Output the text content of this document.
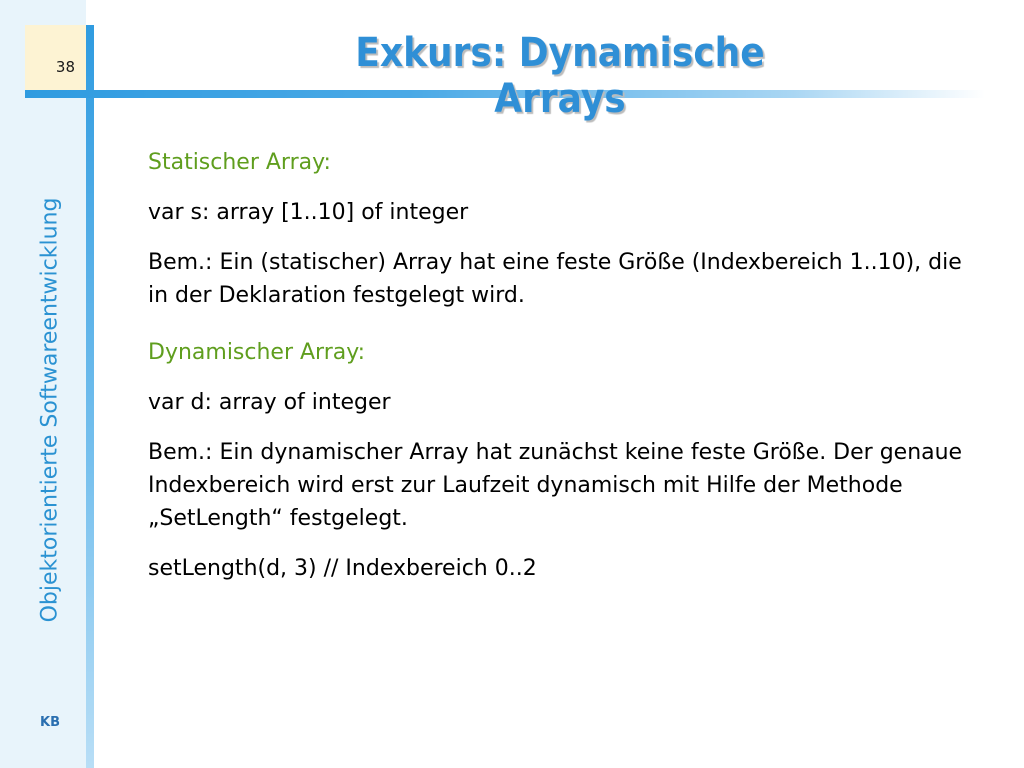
38
Objektorientierte Softwareentwicklung
KB
Exkurs: Dynamische Arrays
Statischer Array:
var s: array [1..10] of integer
Bem.: Ein (statischer) Array hat eine feste Größe (Indexbereich 1..10), die in der Deklaration festgelegt wird.
Dynamischer Array:
var d: array of integer
Bem.: Ein dynamischer Array hat zunächst keine feste Größe. Der genaue Indexbereich wird erst zur Laufzeit dynamisch mit Hilfe der Methode „SetLength“ festgelegt.
setLength(d, 3) // Indexbereich 0..2
